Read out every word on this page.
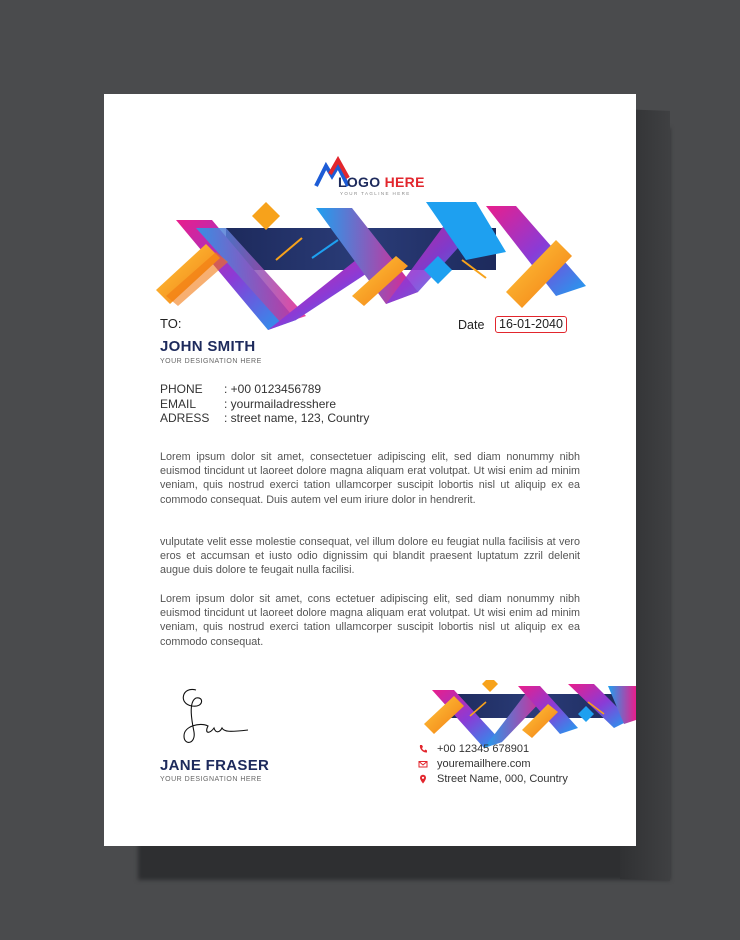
LOGO HERE
YOUR TAGLINE HERE
TO:	Date	16-01-2040
JOHN SMITH
YOUR DESIGNATION HERE
PHONE	: +00 0123456789
EMAIL	: yourmailadresshere
ADRESS	: street name, 123, Country
Lorem ipsum dolor sit amet, consectetuer adipiscing elit, sed diam nonummy nibh euismod tincidunt ut laoreet dolore magna aliquam erat volutpat. Ut wisi enim ad minim veniam, quis nostrud exerci tation ullamcorper suscipit lobortis nisl ut aliquip ex ea commodo consequat. Duis autem vel eum iriure dolor in hendrerit.
vulputate velit esse molestie consequat, vel illum dolore eu feugiat nulla facilisis at vero eros et accumsan et iusto odio dignissim qui blandit praesent luptatum zzril delenit augue duis dolore te feugait nulla facilisi.
Lorem ipsum dolor sit amet, cons ectetuer adipiscing elit, sed diam nonummy nibh euismod tincidunt ut laoreet dolore magna aliquam erat volutpat. Ut wisi enim ad minim veniam, quis nostrud exerci tation ullamcorper suscipit lobortis nisl ut aliquip ex ea commodo consequat.
JANE FRASER
YOUR DESIGNATION HERE
+00 12345 678901
youremailhere.com
Street Name, 000, Country
